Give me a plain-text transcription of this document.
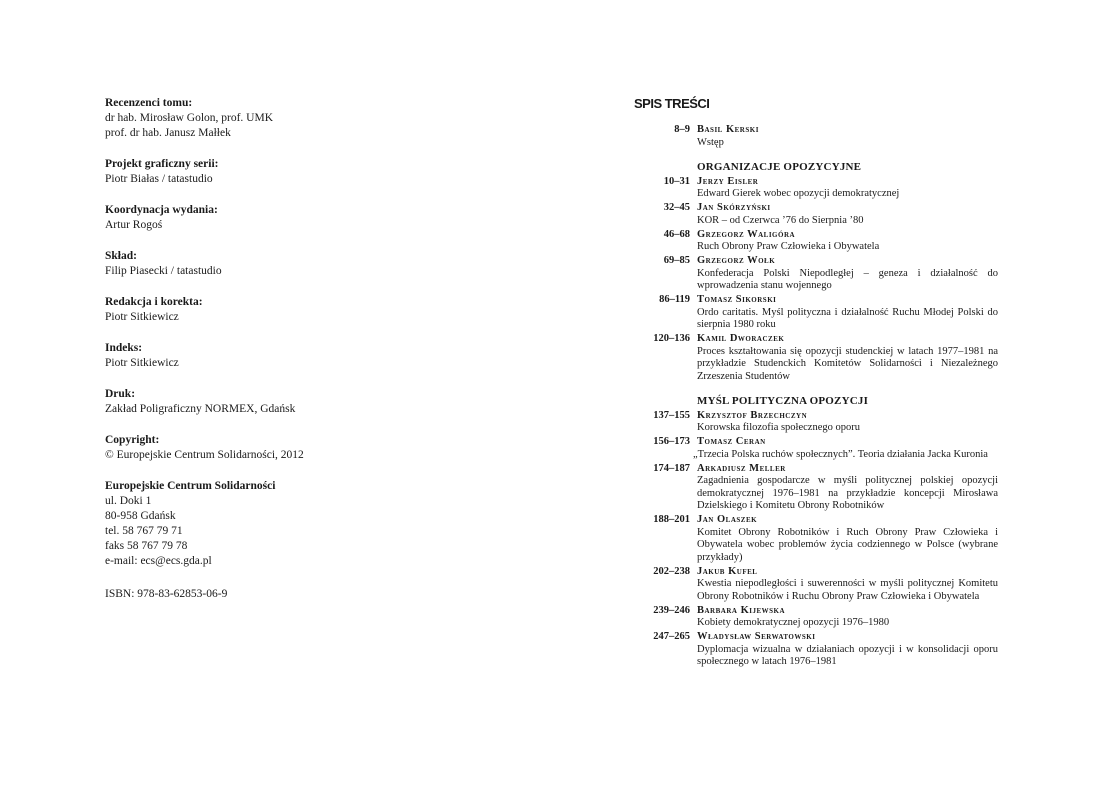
Recenzenci tomu:
dr hab. Mirosław Golon, prof. UMK
prof. dr hab. Janusz Małłek
Projekt graficzny serii:
Piotr Białas / tatastudio
Koordynacja wydania:
Artur Rogoś
Skład:
Filip Piasecki / tatastudio
Redakcja i korekta:
Piotr Sitkiewicz
Indeks:
Piotr Sitkiewicz
Druk:
Zakład Poligraficzny NORMEX, Gdańsk
Copyright:
© Europejskie Centrum Solidarności, 2012
Europejskie Centrum Solidarności
ul. Doki 1
80-958 Gdańsk
tel. 58 767 79 71
faks 58 767 79 78
e-mail: ecs@ecs.gda.pl
ISBN: 978-83-62853-06-9
SPIS TREŚCI
8–9 Basil Kerski
Wstęp
ORGANIZACJE OPOZYCYJNE
10–31 Jerzy Eisler
Edward Gierek wobec opozycji demokratycznej
32–45 Jan Skórzyński
KOR – od Czerwca ’76 do Sierpnia ’80
46–68 Grzegorz Waligóra
Ruch Obrony Praw Człowieka i Obywatela
69–85 Grzegorz Wołk
Konfederacja Polski Niepodległej – geneza i działalność do wprowadzenia stanu wojennego
86–119 Tomasz Sikorski
Ordo caritatis. Myśl polityczna i działalność Ruchu Młodej Polski do sierpnia 1980 roku
120–136 Kamil Dworaczek
Proces kształtowania się opozycji studenckiej w latach 1977–1981 na przykładzie Studenckich Komitetów Solidarności i Niezależnego Zrzeszenia Studentów
MYŚL POLITYCZNA OPOZYCJI
137–155 Krzysztof Brzechczyn
Korowska filozofia społecznego oporu
156–173 Tomasz Ceran
„Trzecia Polska ruchów społecznych”. Teoria działania Jacka Kuronia
174–187 Arkadiusz Meller
Zagadnienia gospodarcze w myśli politycznej polskiej opozycji demokratycznej 1976–1981 na przykładzie koncepcji Mirosława Dzielskiego i Komitetu Obrony Robotników
188–201 Jan Olaszek
Komitet Obrony Robotników i Ruch Obrony Praw Człowieka i Obywatela wobec problemów życia codziennego w Polsce (wybrane przykłady)
202–238 Jakub Kufel
Kwestia niepodległości i suwerenności w myśli politycznej Komitetu Obrony Robotników i Ruchu Obrony Praw Człowieka i Obywatela
239–246 Barbara Kijewska
Kobiety demokratycznej opozycji 1976–1980
247–265 Władysław Serwatowski
Dyplomacja wizualna w działaniach opozycji i w konsolidacji oporu społecznego w latach 1976–1981
